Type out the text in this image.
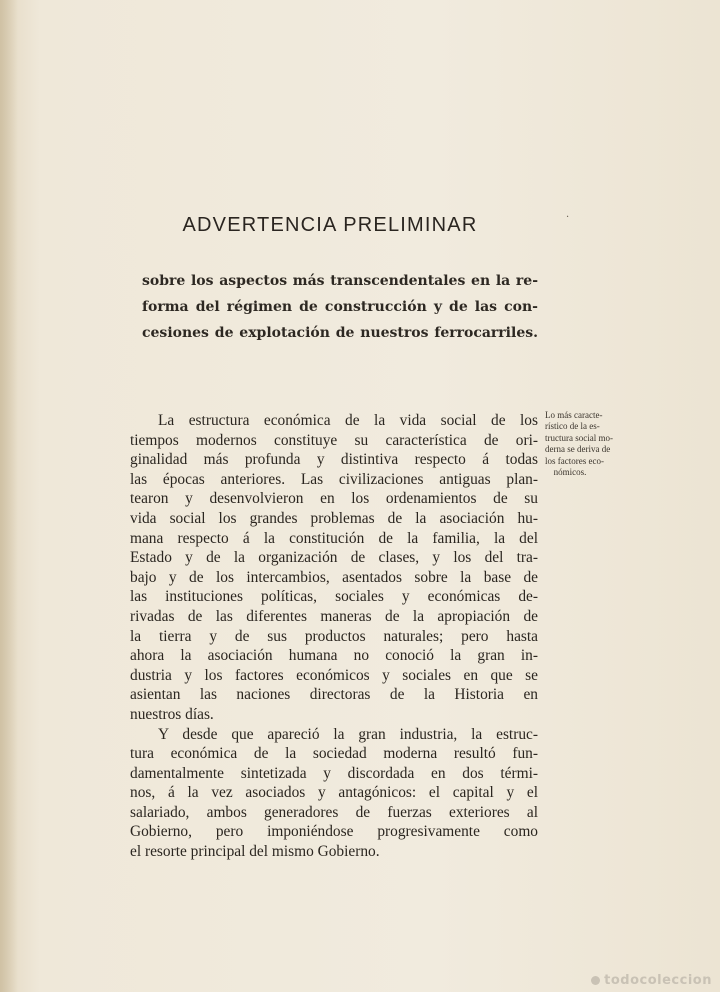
·
ADVERTENCIA PRELIMINAR
sobre los aspectos más transcendentales en la re-
forma del régimen de construcción y de las con-
cesiones de explotación de nuestros ferrocarriles.
La estructura económica de la vida social de los
tiempos modernos constituye su característica de ori-
ginalidad más profunda y distintiva respecto á todas
las épocas anteriores. Las civilizaciones antiguas plan-
tearon y desenvolvieron en los ordenamientos de su
vida social los grandes problemas de la asociación hu-
mana respecto á la constitución de la familia, la del
Estado y de la organización de clases, y los del tra-
bajo y de los intercambios, asentados sobre la base de
las instituciones políticas, sociales y económicas de-
rivadas de las diferentes maneras de la apropiación de
la tierra y de sus productos naturales; pero hasta
ahora la asociación humana no conoció la gran in-
dustria y los factores económicos y sociales en que se
asientan las naciones directoras de la Historia en
nuestros días.
Y desde que apareció la gran industria, la estruc-
tura económica de la sociedad moderna resultó fun-
damentalmente sintetizada y discordada en dos térmi-
nos, á la vez asociados y antagónicos: el capital y el
salariado, ambos generadores de fuerzas exteriores al
Gobierno, pero imponiéndose progresivamente como
el resorte principal del mismo Gobierno.
Lo más caracte-
rístico de la es-
tructura social mo-
derna se deriva de
los factores eco-
nómicos.
todocoleccion
